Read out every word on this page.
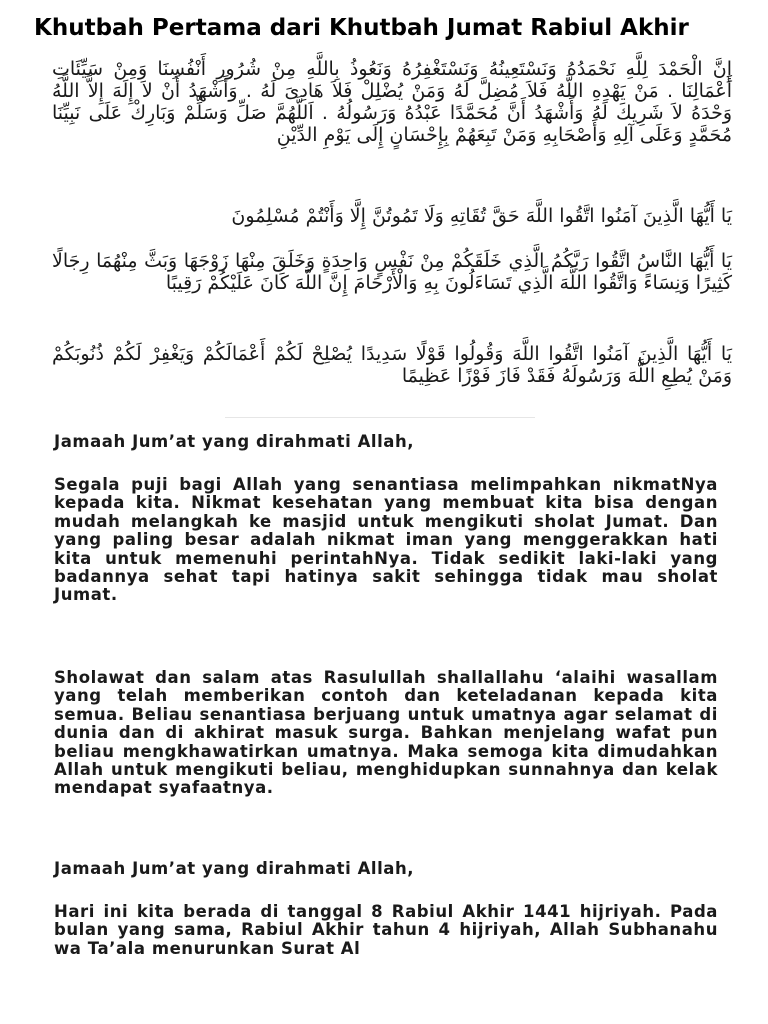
Khutbah Pertama dari Khutbah Jumat Rabiul Akhir
إِنَّ الْحَمْدَ لِلَّهِ نَحْمَدُهُ وَنَسْتَعِينُهُ وَنَسْتَغْفِرُهُ وَنَعُوذُ بِاللَّهِ مِنْ شُرُورِ أَنْفُسِنَا وَمِنْ سَيِّئَاتِ أَعْمَالِنَا . مَنْ يَهْدِهِ اللَّهُ فَلاَ مُضِلَّ لَهُ وَمَنْ يُضْلِلْ فَلاَ هَادِىَ لَهُ . وَأَشْهَدُ أَنْ لاَ إِلَهَ إِلاَّ اللَّهُ وَحْدَهُ لاَ شَرِيكَ لَهُ وَأَشْهَدُ أَنَّ مُحَمَّدًا عَبْدُهُ وَرَسُولُهُ . اَللَّهُمَّ صَلِّ وَسَلِّمْ وَبَارِكْ عَلَى نَبِيِّنَا مُحَمَّدٍ وَعَلَى آلِهِ وَأَصْحَابِهِ وَمَنْ تَبِعَهُمْ بِإِحْسَانٍ إِلَى يَوْمِ الدِّيْنِ
يَا أَيُّهَا الَّذِينَ آمَنُوا اتَّقُوا اللَّهَ حَقَّ تُقَاتِهِ وَلَا تَمُوتُنَّ إِلَّا وَأَنْتُمْ مُسْلِمُونَ
يَا أَيُّهَا النَّاسُ اتَّقُوا رَبَّكُمُ الَّذِي خَلَقَكُمْ مِنْ نَفْسٍ وَاحِدَةٍ وَخَلَقَ مِنْهَا زَوْجَهَا وَبَثَّ مِنْهُمَا رِجَالًا كَثِيرًا وَنِسَاءً وَاتَّقُوا اللَّهَ الَّذِي تَسَاءَلُونَ بِهِ وَالْأَرْحَامَ إِنَّ اللَّهَ كَانَ عَلَيْكُمْ رَقِيبًا
يَا أَيُّهَا الَّذِينَ آمَنُوا اتَّقُوا اللَّهَ وَقُولُوا قَوْلًا سَدِيدًا يُصْلِحْ لَكُمْ أَعْمَالَكُمْ وَيَغْفِرْ لَكُمْ ذُنُوبَكُمْ وَمَنْ يُطِعِ اللَّهَ وَرَسُولَهُ فَقَدْ فَازَ فَوْزًا عَظِيمًا
Jamaah Jum’at yang dirahmati Allah,
Segala puji bagi Allah yang senantiasa melimpahkan nikmatNya kepada kita. Nikmat kesehatan yang membuat kita bisa dengan mudah melangkah ke masjid untuk mengikuti sholat Jumat. Dan yang paling besar adalah nikmat iman yang menggerakkan hati kita untuk memenuhi perintahNya. Tidak sedikit laki-laki yang badannya sehat tapi hatinya sakit sehingga tidak mau sholat Jumat.
Sholawat dan salam atas Rasulullah shallallahu ‘alaihi wasallam yang telah memberikan contoh dan keteladanan kepada kita semua. Beliau senantiasa berjuang untuk umatnya agar selamat di dunia dan di akhirat masuk surga. Bahkan menjelang wafat pun beliau mengkhawatirkan umatnya. Maka semoga kita dimudahkan Allah untuk mengikuti beliau, menghidupkan sunnahnya dan kelak mendapat syafaatnya.
Jamaah Jum’at yang dirahmati Allah,
Hari ini kita berada di tanggal 8 Rabiul Akhir 1441 hijriyah. Pada bulan yang sama, Rabiul Akhir tahun 4 hijriyah, Allah Subhanahu wa Ta’ala menurunkan Surat Al
